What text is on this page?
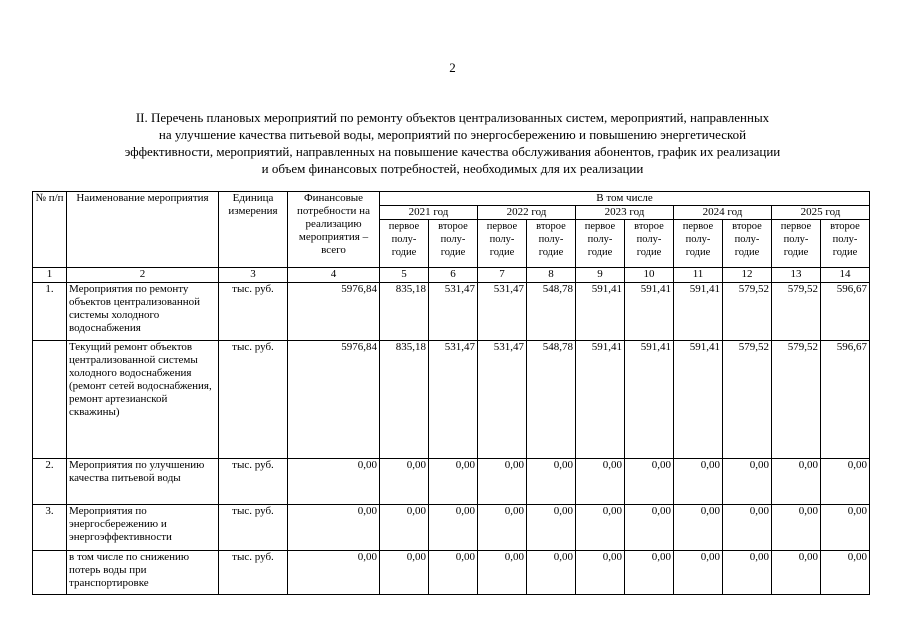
2
II. Перечень плановых мероприятий по ремонту объектов централизованных систем, мероприятий, направленных
на улучшение качества питьевой воды, мероприятий по энергосбережению и повышению энергетической
эффективности, мероприятий, направленных на повышение качества обслуживания абонентов, график их реализации
и объем финансовых потребностей, необходимых для их реализации
№ п/п	Наименование мероприятия	Единица измерения	Финансовые потребности на реализацию мероприятия – всего	В том числе									
				2021 год		2022 год		2023 год		2024 год		2025 год	
				первое полу-годие	второе полу-годие	первое полу-годие	второе полу-годие	первое полу-годие	второе полу-годие	первое полу-годие	второе полу-годие	первое полу-годие	второе полу-годие
1	2	3	4	5	6	7	8	9	10	11	12	13	14
1.	Мероприятия по ремонту объектов централизованной системы холодного водоснабжения	тыс. руб.	5976,84	835,18	531,47	531,47	548,78	591,41	591,41	591,41	579,52	579,52	596,67
	Текущий ремонт объектов централизованной системы холодного водоснабжения (ремонт сетей водоснабжения, ремонт артезианской скважины)	тыс. руб.	5976,84	835,18	531,47	531,47	548,78	591,41	591,41	591,41	579,52	579,52	596,67
2.	Мероприятия по улучшению качества питьевой воды	тыс. руб.	0,00	0,00	0,00	0,00	0,00	0,00	0,00	0,00	0,00	0,00	0,00
3.	Мероприятия по энергосбережению и энергоэффективности	тыс. руб.	0,00	0,00	0,00	0,00	0,00	0,00	0,00	0,00	0,00	0,00	0,00
	в том числе по снижению потерь воды при транспортировке	тыс. руб.	0,00	0,00	0,00	0,00	0,00	0,00	0,00	0,00	0,00	0,00	0,00
